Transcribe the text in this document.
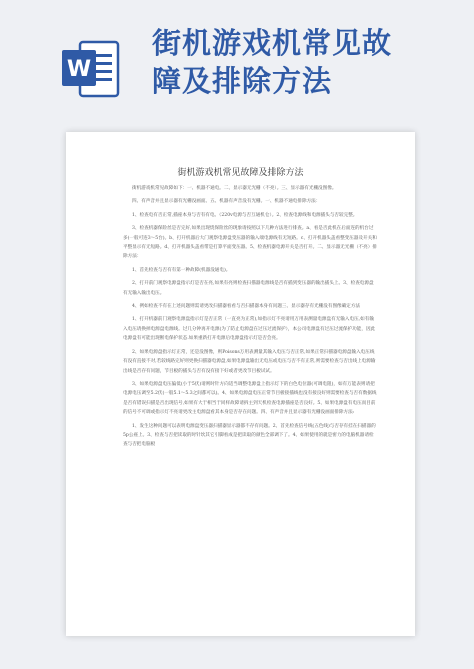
W
街机游戏机常见故
障及排除方法
街机游戏机常见故障及排除方法

街机游戏机常见故障如下：一、机器不通电。二、显示器无光栅（不亮）。三、显示器有光栅没图像。

四、有声音并且显示器有光栅没画面。五、机器有声音没有光栅。一、机器不通电排除方法：

1、检查电有否正常,插座本身与否有有电。（220v电源与否互通机仓）。2、检查电源线和电源插头与否较完整。

3、检查机器保险丝是否完好,如果出现烧保险丝的现象请按照以下几种方法进行排查。a、看是否此机在后面连的机台过多(一般可连3～5台)。b、打开机器后大门观察电源盘变压器的输入端电源线有无短路。c、打开机器头盖看整变压器及开关和平整显示有无短路。d、打开机器头盖看带是打算平面变压器。5、检查机器电源开关是否打开。二、显示器无光栅（不亮）排除方法：

1、首先检查与否有有第一种故障(机器没通电)。

2、打开前门观察电源盘指示灯是否在亮,如果有亮则检查扫描器电源线是否有插到变压器的输出插头上。3、检查电源盘有无输入输出电压。

4、例如检查不有在上述问题则需请更改扫描器看看与否扫描器本身有问题三、显示器存有光栅没有图像确定方法

1、打开机器前门观察电源盘指示灯是否正常（一直亮为正常),如指示灯不亮请用万用表测量电源盘有无输入电压,如有输入电压请换掉电源盘电源线。过几分钟再开电源(为了防止电源盘在过压过流保护），本公司电源盘有过压过流保护功能，因此电源盘有可能出现断电保护状态.如果重新打开电源后电源盘指示灯是否会亮。

2、如果电源盘指示灯正常，还是没图像，则Poisons万用表测量其输入电压与否正常,如果正常扫描器电源盘输入电压线有没有直接不对,若较线路完好则更换扫描器电源盘,如果电源盘输出无电压或电压与否不有正常,则需要检查与否出线上电源输出线是否存有问题，节目板的插头与否有没有接下好或者更改节目板试试。

3、如果电源盘电压偏低(小于5伏)请则时针方向适当调整电源盘上指示灯下的白色电位器(可调电阻)，如有万能表则请把电源电压调至5.2伏(一般5.1～5.3之间都可以)。4、如果电源盘电压正常节目板接插线也没有接良好则需要检查与否有数据线是否有错误扫描是否出现信号,如果有大于相当于同样故障请拆主到天机检查电源插座是否良好。5、如果电源盘有电压而目前的信号不可调或指示灯不亮请更改主电源盘看其本身是否存在问题。四、有声音并且显示器有光栅没画面排除方法:

1、发生这种问题可以表明电源盘变压器扫描器显示器都不存有问题。2、首先检查信号线(五色线)与否存有挂在扫描器的5p公座上。3、检查与否把读取的时针坎其它引脚看成是把读取的颜色全部调下了。4、如果使用的就是密力的电脑机器请检查与否把电脑板
